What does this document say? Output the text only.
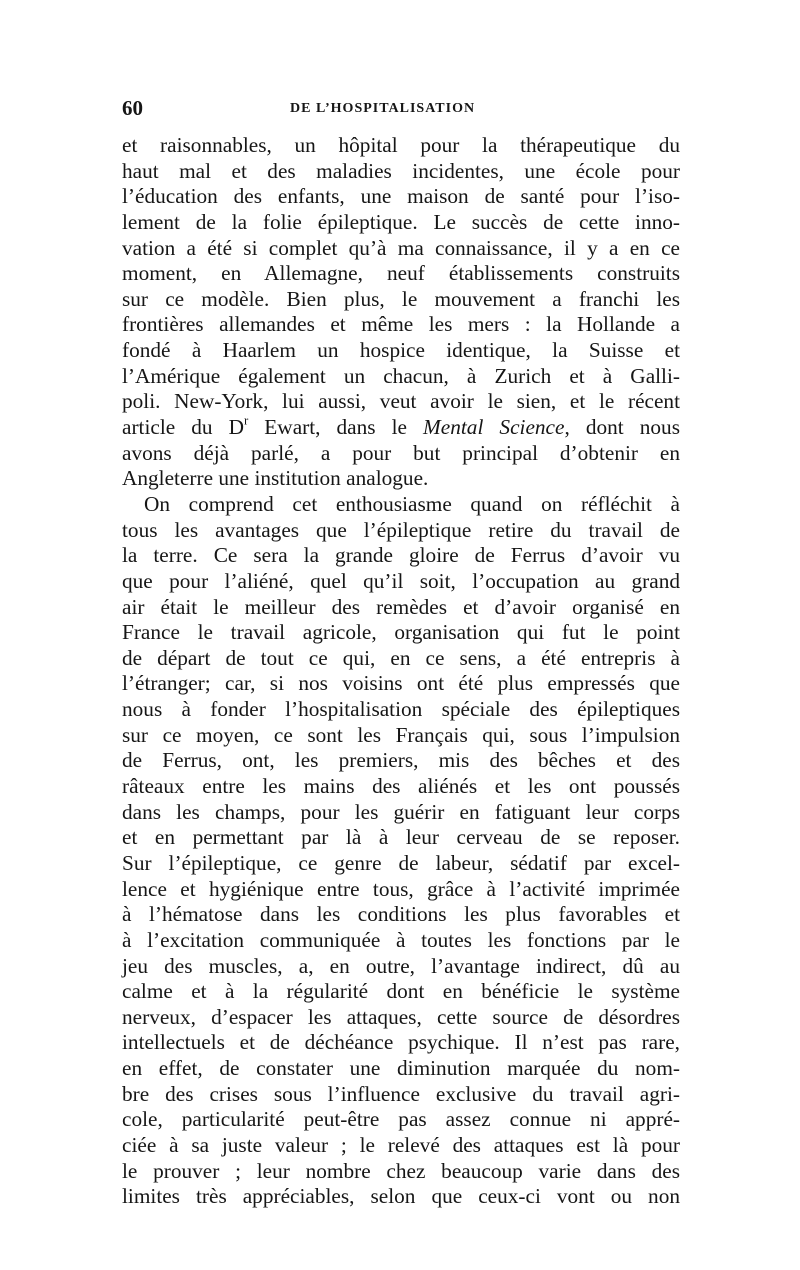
60	DE L’HOSPITALISATION
et raisonnables, un hôpital pour la thérapeutique du
haut mal et des maladies incidentes, une école pour
l’éducation des enfants, une maison de santé pour l’iso-
lement de la folie épileptique. Le succès de cette inno-
vation a été si complet qu’à ma connaissance, il y a en ce
moment, en Allemagne, neuf établissements construits
sur ce modèle. Bien plus, le mouvement a franchi les
frontières allemandes et même les mers : la Hollande a
fondé à Haarlem un hospice identique, la Suisse et
l’Amérique également un chacun, à Zurich et à Galli-
poli. New-York, lui aussi, veut avoir le sien, et le récent
article du $D^r$ Ewart, dans le Mental Science, dont nous
avons déjà parlé, a pour but principal d’obtenir en
Angleterre une institution analogue.
On comprend cet enthousiasme quand on réfléchit à
tous les avantages que l’épileptique retire du travail de
la terre. Ce sera la grande gloire de Ferrus d’avoir vu
que pour l’aliéné, quel qu’il soit, l’occupation au grand
air était le meilleur des remèdes et d’avoir organisé en
France le travail agricole, organisation qui fut le point
de départ de tout ce qui, en ce sens, a été entrepris à
l’étranger; car, si nos voisins ont été plus empressés que
nous à fonder l’hospitalisation spéciale des épileptiques
sur ce moyen, ce sont les Français qui, sous l’impulsion
de Ferrus, ont, les premiers, mis des bêches et des
râteaux entre les mains des aliénés et les ont poussés
dans les champs, pour les guérir en fatiguant leur corps
et en permettant par là à leur cerveau de se reposer.
Sur l’épileptique, ce genre de labeur, sédatif par excel-
lence et hygiénique entre tous, grâce à l’activité imprimée
à l’hématose dans les conditions les plus favorables et
à l’excitation communiquée à toutes les fonctions par le
jeu des muscles, a, en outre, l’avantage indirect, dû au
calme et à la régularité dont en bénéficie le système
nerveux, d’espacer les attaques, cette source de désordres
intellectuels et de déchéance psychique. Il n’est pas rare,
en effet, de constater une diminution marquée du nom-
bre des crises sous l’influence exclusive du travail agri-
cole, particularité peut-être pas assez connue ni appré-
ciée à sa juste valeur ; le relevé des attaques est là pour
le prouver ; leur nombre chez beaucoup varie dans des
limites très appréciables, selon que ceux-ci vont ou non
